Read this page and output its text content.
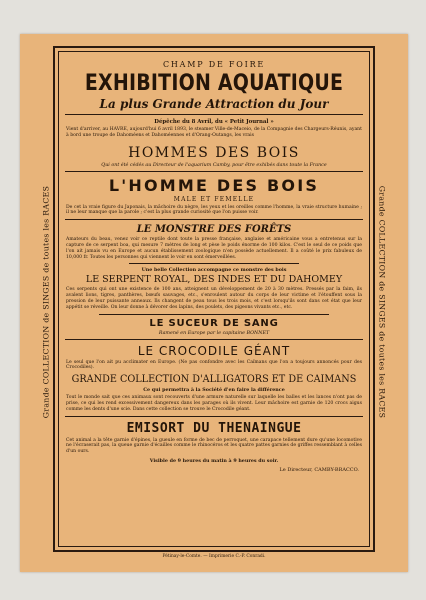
Grande COLLECTION de SINGES de toutes les RACES	Grande COLLECTION de SINGES de toutes les RACES
CHAMP DE FOIRE
EXHIBITION AQUATIQUE
La plus Grande Attraction du Jour
Dépêche du 8 Avril, du « Petit Journal »
Vient d'arriver, au HAVRE, aujourd'hui 6 avril 1893, le steamer Ville-de-Maceio, de la Compagnie des Chargeurs-Réunis, ayant à bord une troupe de Dahoméens et Dahoméennes et d'Orang-Outangs, les vrais
HOMMES DES BOIS
Qui ont été cédés au Directeur de l'aquarium Camby, pour être exhibés dans toute la France
L'HOMME DES BOIS
MALE ET FEMELLE
De cet la vraie figure du Japonais, la mâchoire du nègre, les yeux et les oreilles comme l'homme, la vraie structure humaine ; il ne leur manque que la parole ; c'est la plus grande curiosité que l'on puisse voir.
LE MONSTRE DES FORÊTS
Amateurs du beau, venez voir ce reptile dont toute la presse française, anglaise et américaine vous a entretenus sur la capture de ce serpent boa, qui mesure 7 mètres de long et pèse le poids énorme de 100 kilos. C'est le seul de ce poids que l'on ait jamais vu en Europe et aucun établissement zoologique n'en possède actuellement. Il a coûté le prix fabuleux de 10,000 fr. Toutes les personnes qui viennent le voir en sont émerveillées.
Une belle Collection accompagne ce monstre des bois
LE SERPENT ROYAL, DES INDES ET DU DAHOMEY
Ces serpents qui ont une existence de 100 ans, atteignent un développement de 20 à 30 mètres. Pressés par la faim, ils avalent lions, tigres, panthères, bœufs sauvages, etc., s'enroulent autour du corps de leur victime et l'étouffent sous la pression de leur puissante anneaux. Ils changent de peau tous les trois mois, et c'est lorsqu'ils sont dans cet état que leur appétit se réveille. On leur donne à dévorer des lapins, des poulets, des pigeons vivants etc., etc.
LE SUCEUR DE SANG
Ramené en Europe par le capitaine BONNET
LE CROCODILE GÉANT
Le seul que l'on ait pu acclimater en Europe. (Ne pas confondre avec les Caïmans que l'on a toujours annoncés pour des Crocodiles).
GRANDE COLLECTION D'ALLIGATORS ET DE CAIMANS
Ce qui permettra à la Société d'en faire la différence
Tout le monde sait que ces animaux sont recouverts d'une armure naturelle sur laquelle les balles et les lances n'ont pas de prise, ce qui les rend excessivement dangereux dans les parages où ils vivent. Leur mâchoire est garnie de 120 crocs aigus comme les dents d'une scie. Dans cette collection se trouve le Crocodile géant.
EMISORT DU THENAINGUE
Cet animal a la tête garnie d'épines, la gueule en forme de bec de perroquet, une carapace tellement dure qu'une locomotive ne l'écraserait pas, la queue garnie d'écailles comme le rhinocéros et les quatre pattes garnies de griffes ressemblant à celles d'un ours.
Visible de 9 heures du matin à 9 heures du soir.
Le Directeur, CAMBY-BRACCO.
Pétinay-le-Comte. — Imprimerie C.-P. Conradi.
